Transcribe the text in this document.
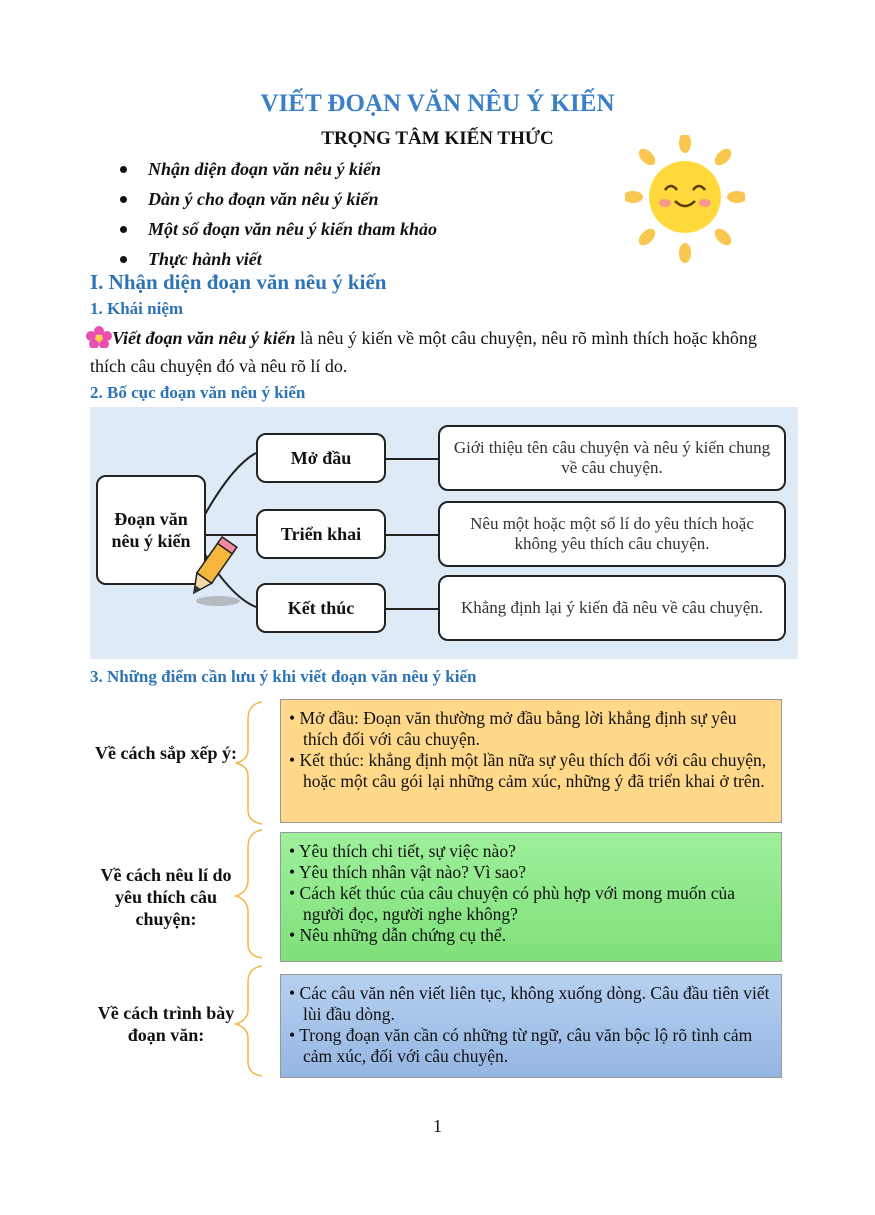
VIẾT ĐOẠN VĂN NÊU Ý KIẾN
TRỌNG TÂM KIẾN THỨC
Nhận diện đoạn văn nêu ý kiến
Dàn ý cho đoạn văn nêu ý kiến
Một số đoạn văn nêu ý kiến tham khảo
Thực hành viết
I. Nhận diện đoạn văn nêu ý kiến
1. Khái niệm
Viết đoạn văn nêu ý kiến là nêu ý kiến về một câu chuyện, nêu rõ mình thích hoặc không thích câu chuyện đó và nêu rõ lí do.
2. Bố cục đoạn văn nêu ý kiến
Đoạn văn nêu ý kiến
Mở đầu
Triển khai
Kết thúc
Giới thiệu tên câu chuyện và nêu ý kiến chung về câu chuyện.
Nêu một hoặc một số lí do yêu thích hoặc không yêu thích câu chuyện.
Khẳng định lại ý kiến đã nêu về câu chuyện.
3. Những điểm cần lưu ý khi viết đoạn văn nêu ý kiến
Về cách sắp xếp ý:
• Mở đầu: Đoạn văn thường mở đầu bằng lời khẳng định sự yêu thích đối với câu chuyện.
• Kết thúc: khẳng định một lần nữa sự yêu thích đối với câu chuyện, hoặc một câu gói lại những cảm xúc, những ý đã triển khai ở trên.
Về cách nêu lí do yêu thích câu chuyện:
• Yêu thích chi tiết, sự việc nào?
• Yêu thích nhân vật nào? Vì sao?
• Cách kết thúc của câu chuyện có phù hợp với mong muốn của người đọc, người nghe không?
• Nêu những dẫn chứng cụ thể.
Về cách trình bày đoạn văn:
• Các câu văn nên viết liên tục, không xuống dòng. Câu đầu tiên viết lùi đầu dòng.
• Trong đoạn văn cần có những từ ngữ, câu văn bộc lộ rõ tình cảm cảm xúc, đối với câu chuyện.
1
